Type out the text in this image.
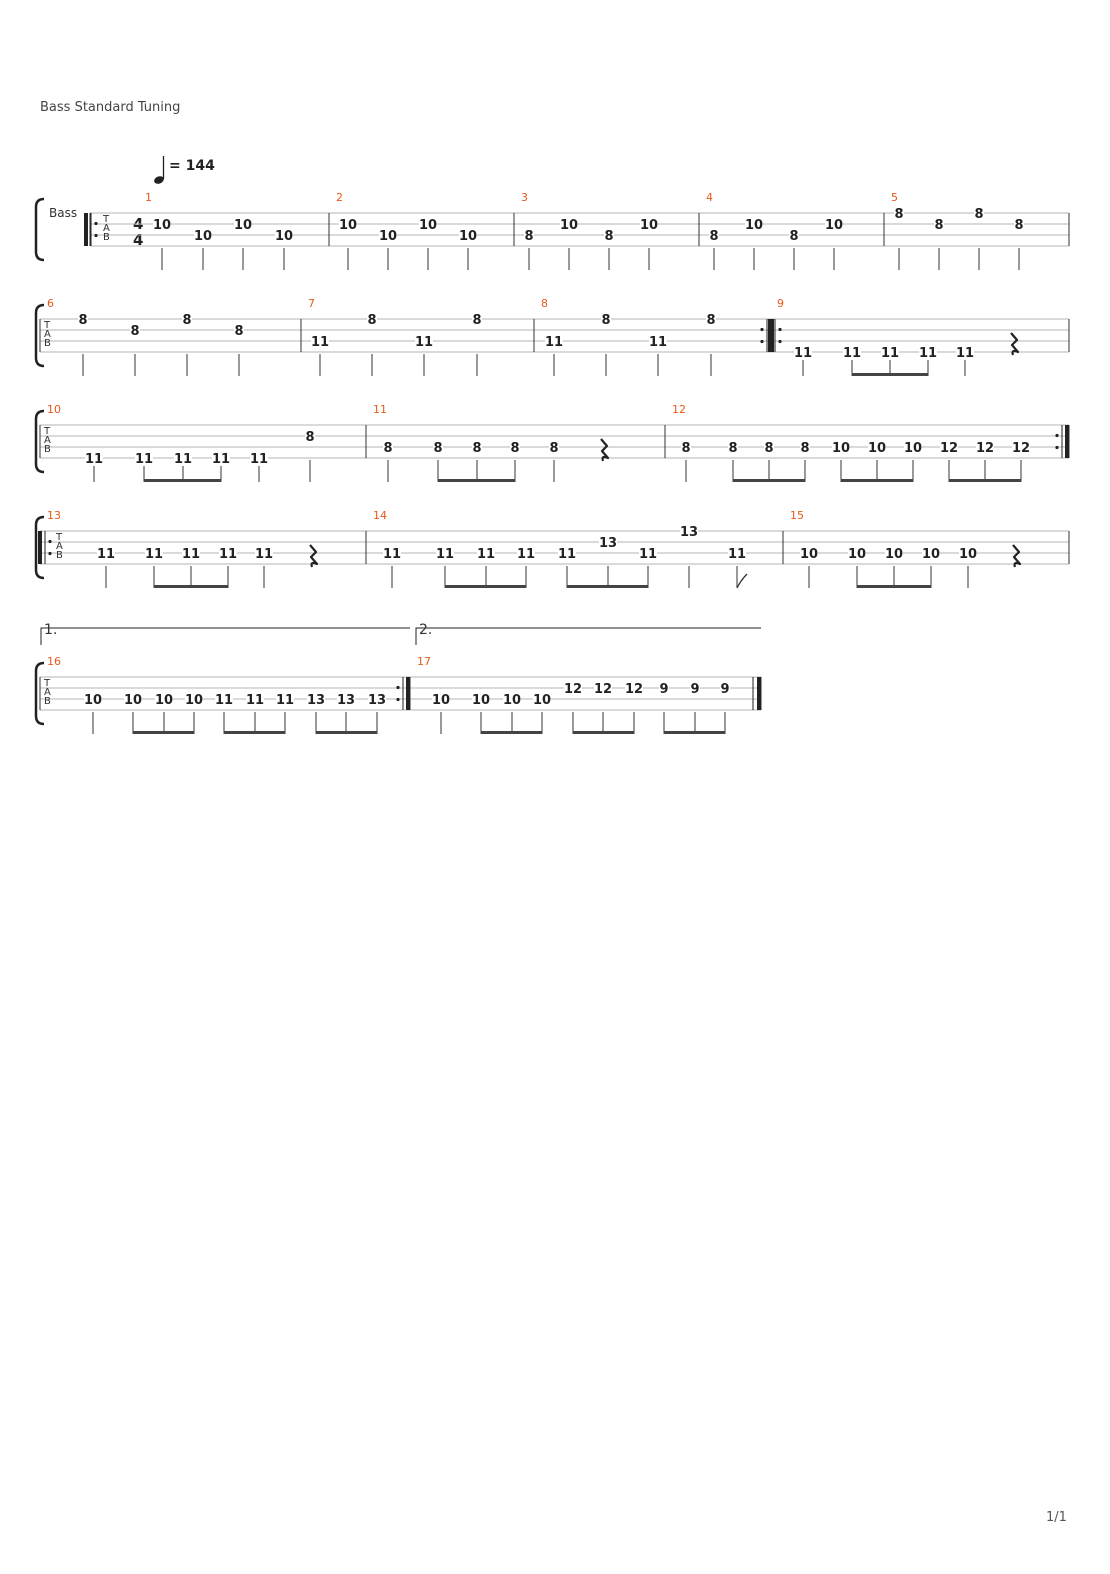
Bass Standard Tuning
= 144
Bass
4
4
1.	2.
T
A
B
T
A
B
T
A
B
T
A
B
T
A
B
1
10
10
10
10
2
10
10
10
10
3
8
10
8
10
4
8
10
8
10
5
8
8
8
8
6
8
8
8
8
7
11
8
11
8
8
11
8
11
8
9
11 11 11 11 11
10
11 11 11 11 11
8
11
8	8 8 8 8
12
8	8 8 8 10 10 10 12 12 12
13
11 11 11 11 11
14
11	11 11 11 11
13
11
13
11
15
10 10 10 10 10
16
10 10 10 10 11 11 11 13 13 13
17
10 10 10 10
12 12 12 9 9 9
1/1
